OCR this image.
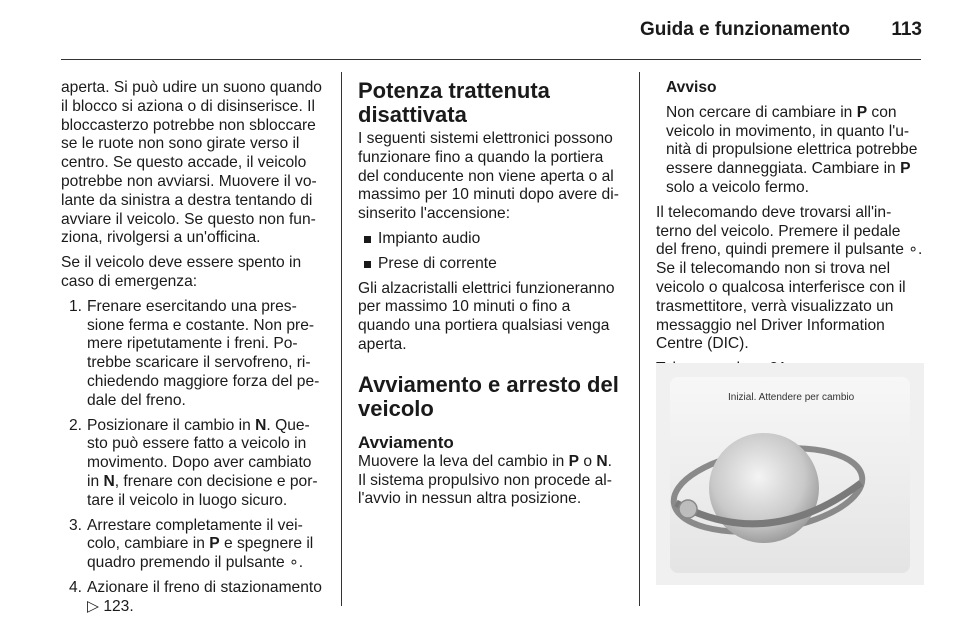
Guida e funzionamento	113

aperta. Si può udire un suono quando il blocco si aziona o di disinserisce. Il bloccasterzo potrebbe non sbloccare se le ruote non sono girate verso il centro. Se questo accade, il veicolo potrebbe non avviarsi. Muovere il vo-lante da sinistra a destra tentando di avviare il veicolo. Se questo non fun-ziona, rivolgersi a un'officina.

Se il veicolo deve essere spento in caso di emergenza:

1. Frenare esercitando una pres-sione ferma e costante. Non pre-mere ripetutamente i freni. Po-trebbe scaricare il servofreno, ri-chiedendo maggiore forza del pe-dale del freno.
2. Posizionare il cambio in N. Que-sto può essere fatto a veicolo in movimento. Dopo aver cambiato in N, frenare con decisione e por-tare il veicolo in luogo sicuro.
3. Arrestare completamente il vei-colo, cambiare in P e spegnere il quadro premendo il pulsante ∘.
4. Azionare il freno di stazionamento ▷ 123.
Potenza trattenuta disattivata

I seguenti sistemi elettronici possono funzionare fino a quando la portiera del conducente non viene aperta o al massimo per 10 minuti dopo avere di-sinserito l'accensione:

Impianto audio
Prese di corrente

Gli alzacristalli elettrici funzioneranno per massimo 10 minuti o fino a quando una portiera qualsiasi venga aperta.

Avviamento e arresto del veicolo
Avviamento

Muovere la leva del cambio in P o N. Il sistema propulsivo non procede al-l'avvio in nessun altra posizione.

Avviso

Non cercare di cambiare in P con veicolo in movimento, in quanto l'u-nità di propulsione elettrica potrebbe essere danneggiata. Cambiare in P solo a veicolo fermo.

Il telecomando deve trovarsi all'in-terno del veicolo. Premere il pedale del freno, quindi premere il pulsante ∘. Se il telecomando non si trova nel veicolo o qualcosa interferisce con il trasmettitore, verrà visualizzato un messaggio nel Driver Information Centre (DIC).

Inizial. Attendere per cambio
